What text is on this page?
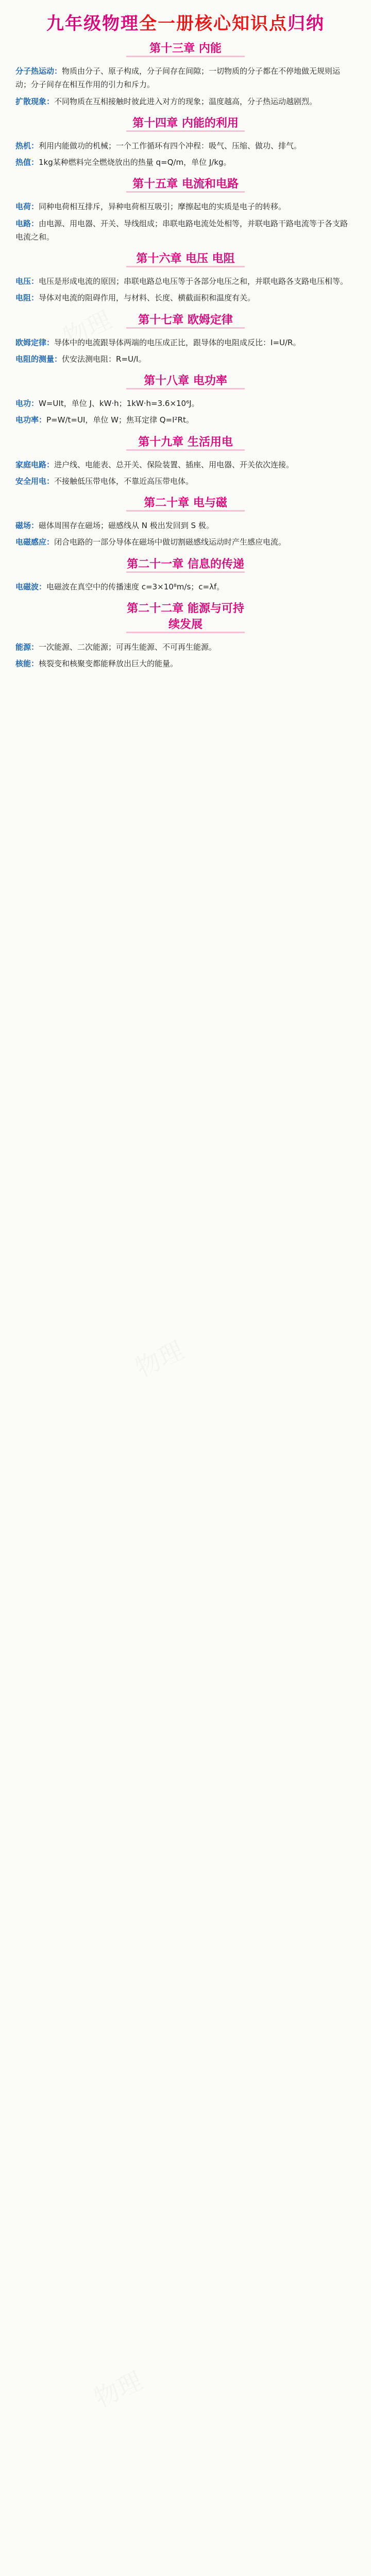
九年级物理全一册核心知识点归纳
第十三章 内能
分子热运动：物质由分子、原子构成，分子间存在间隙；一切物质的分子都在不停地做无规则运动；分子间存在相互作用的引力和斥力。
扩散现象：不同物质在互相接触时彼此进入对方的现象；温度越高，分子热运动越剧烈。
第十四章 内能的利用
热机：利用内能做功的机械；一个工作循环有四个冲程：吸气、压缩、做功、排气。
热值：1kg某种燃料完全燃烧放出的热量 q=Q/m，单位 J/kg。
第十五章 电流和电路
电荷：同种电荷相互排斥，异种电荷相互吸引；摩擦起电的实质是电子的转移。
电路：由电源、用电器、开关、导线组成；串联电路电流处处相等，并联电路干路电流等于各支路电流之和。
第十六章 电压 电阻
电压：电压是形成电流的原因；串联电路总电压等于各部分电压之和，并联电路各支路电压相等。
电阻：导体对电流的阻碍作用，与材料、长度、横截面积和温度有关。
第十七章 欧姆定律
欧姆定律：导体中的电流跟导体两端的电压成正比，跟导体的电阻成反比：I=U/R。
电阻的测量：伏安法测电阻：R=U/I。
第十八章 电功率
电功：W=UIt，单位 J、kW·h；1kW·h=3.6×10⁶J。
电功率：P=W/t=UI，单位 W；焦耳定律 Q=I²Rt。
第十九章 生活用电
家庭电路：进户线、电能表、总开关、保险装置、插座、用电器、开关依次连接。
安全用电：不接触低压带电体，不靠近高压带电体。
第二十章 电与磁
磁场：磁体周围存在磁场；磁感线从 N 极出发回到 S 极。
电磁感应：闭合电路的一部分导体在磁场中做切割磁感线运动时产生感应电流。
第二十一章 信息的传递
电磁波：电磁波在真空中的传播速度 c=3×10⁸m/s；c=λf。
第二十二章 能源与可持续发展
能源：一次能源、二次能源；可再生能源、不可再生能源。
核能：核裂变和核聚变都能释放出巨大的能量。
